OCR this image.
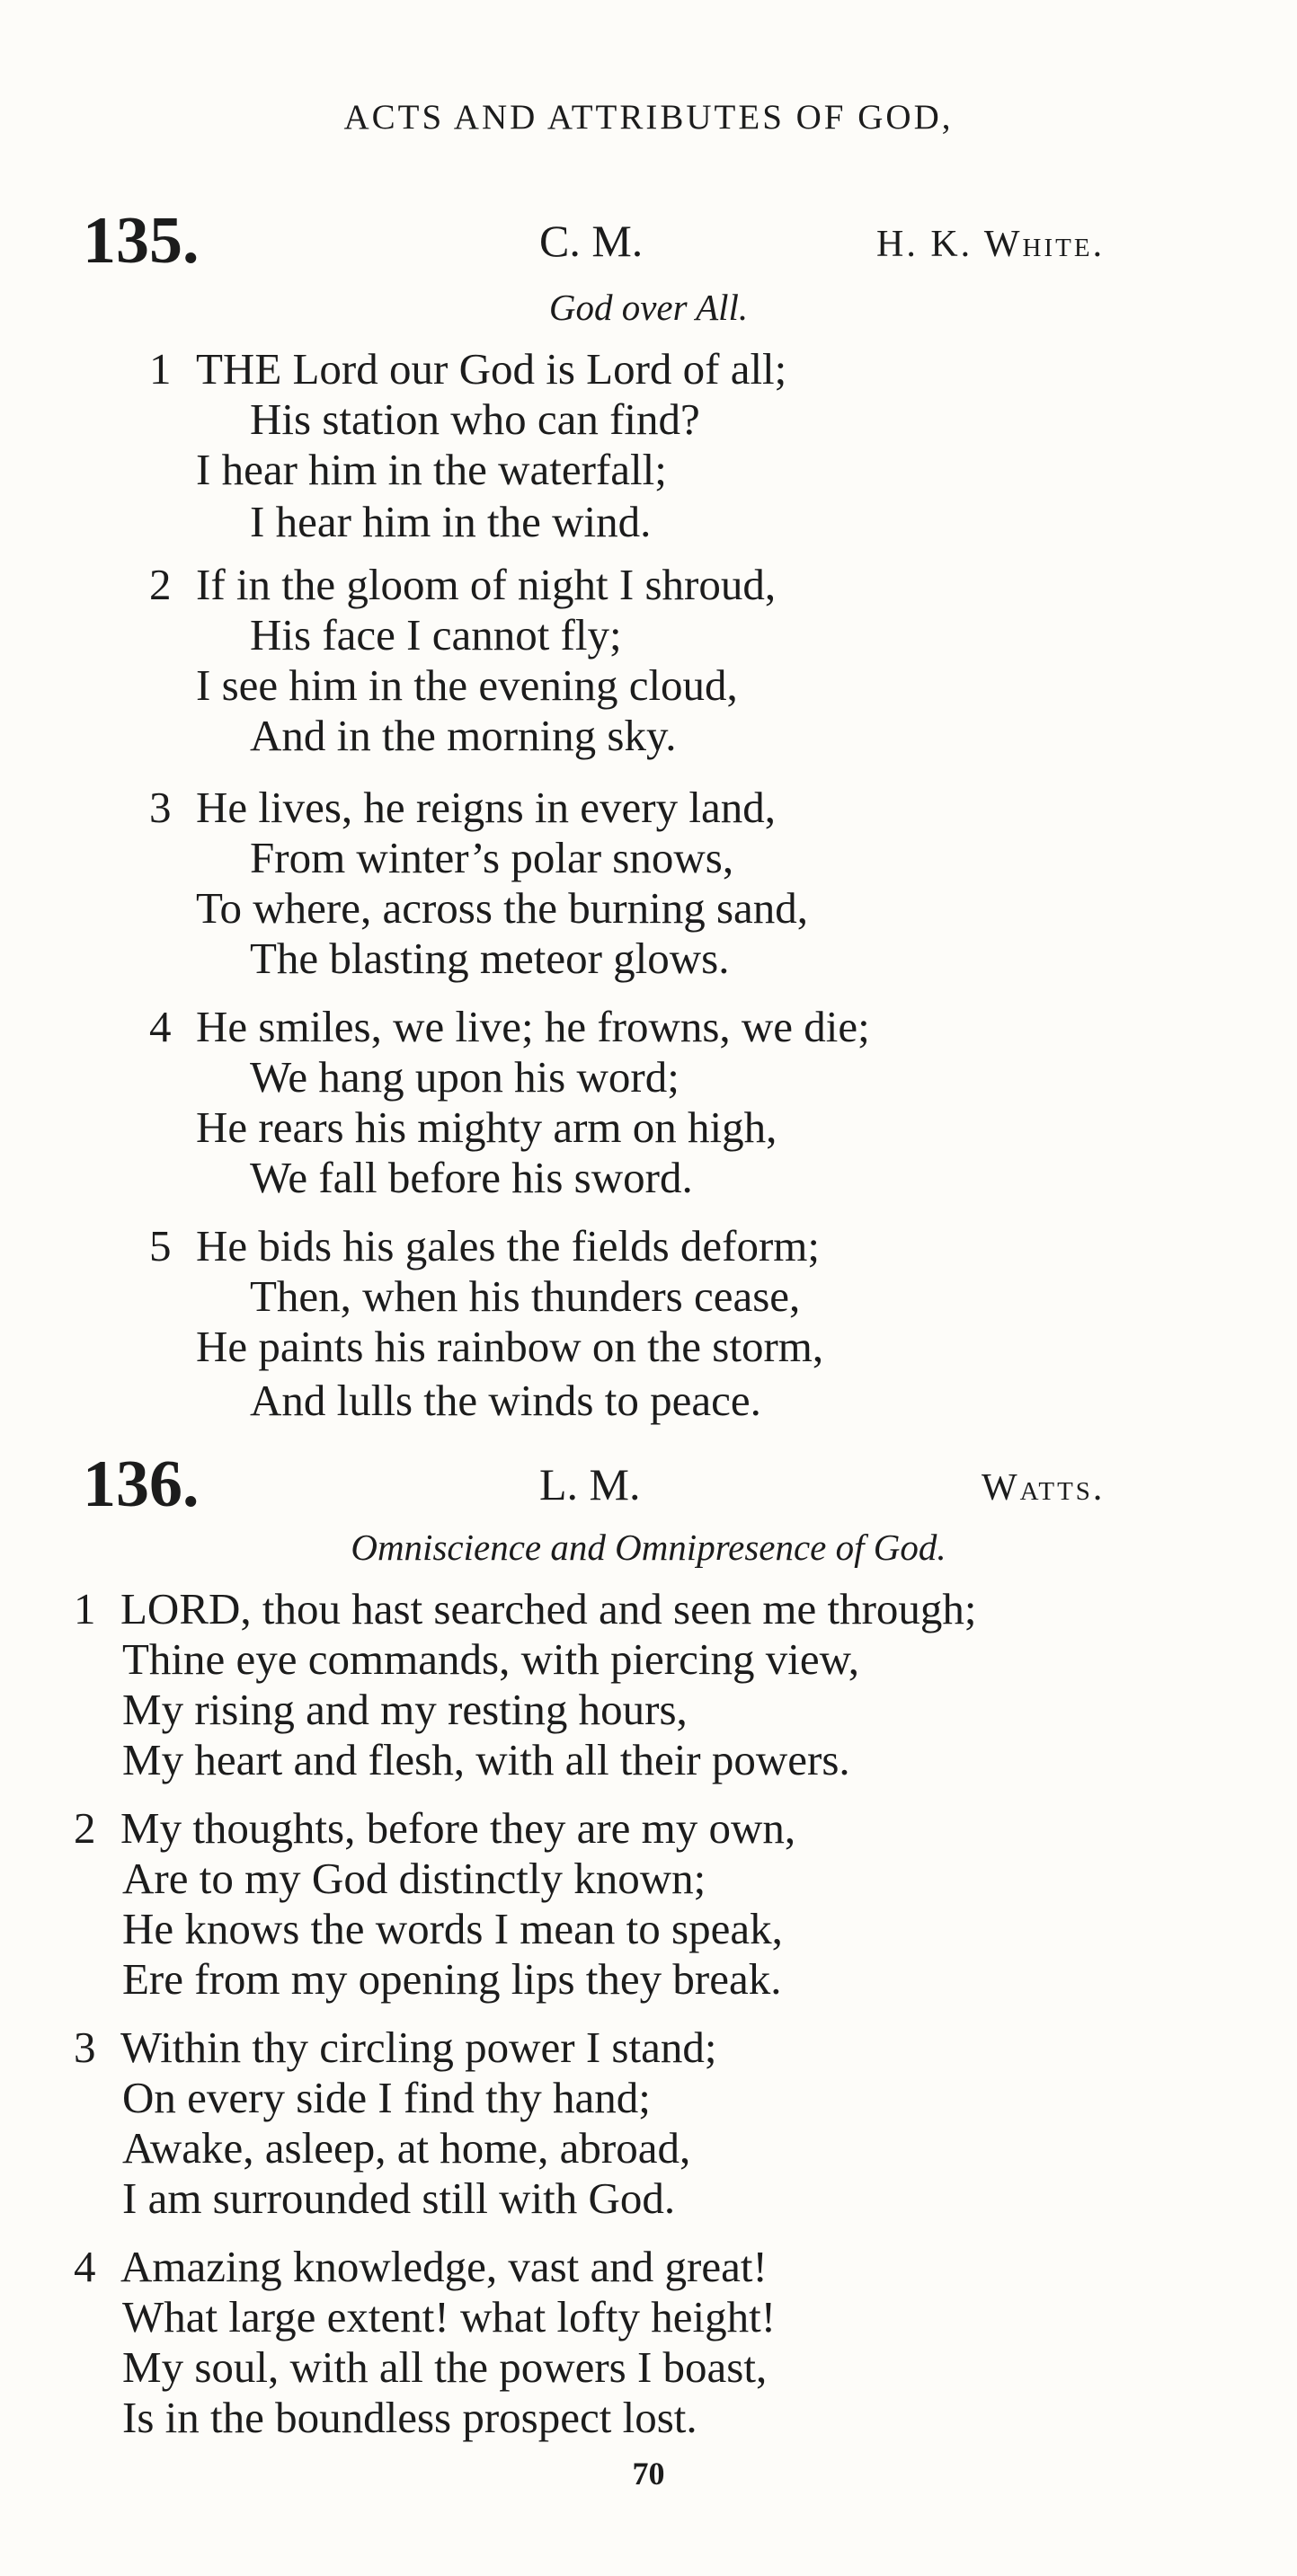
ACTS AND ATTRIBUTES OF GOD,
135.	C. M.	H. K. White.
God over All.
1 THE Lord our God is Lord of all;
His station who can find?
I hear him in the waterfall;
I hear him in the wind.
2 If in the gloom of night I shroud,
His face I cannot fly;
I see him in the evening cloud,
And in the morning sky.
3 He lives, he reigns in every land,
From winter’s polar snows,
To where, across the burning sand,
The blasting meteor glows.
4 He smiles, we live; he frowns, we die;
We hang upon his word;
He rears his mighty arm on high,
We fall before his sword.
5 He bids his gales the fields deform;
Then, when his thunders cease,
He paints his rainbow on the storm,
And lulls the winds to peace.
136.	L. M.	Watts.
Omniscience and Omnipresence of God.
1 LORD, thou hast searched and seen me through;
Thine eye commands, with piercing view,
My rising and my resting hours,
My heart and flesh, with all their powers.
2 My thoughts, before they are my own,
Are to my God distinctly known;
He knows the words I mean to speak,
Ere from my opening lips they break.
3 Within thy circling power I stand;
On every side I find thy hand;
Awake, asleep, at home, abroad,
I am surrounded still with God.
4 Amazing knowledge, vast and great!
What large extent! what lofty height!
My soul, with all the powers I boast,
Is in the boundless prospect lost.
70
